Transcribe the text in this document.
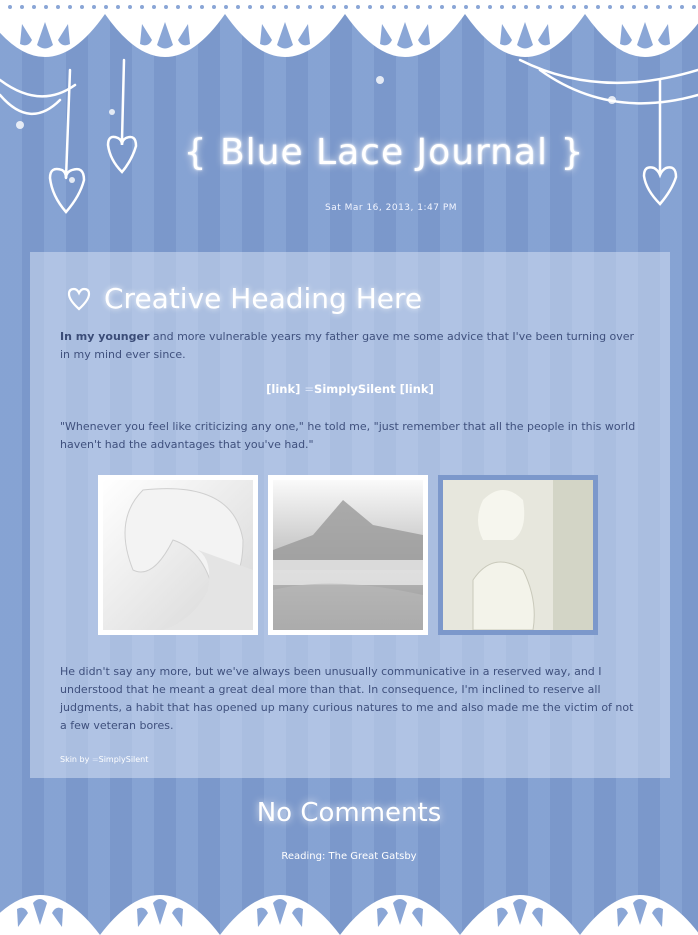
{ Blue Lace Journal }
Sat Mar 16, 2013, 1:47 PM
Creative Heading Here

In my younger and more vulnerable years my father gave me some advice that I've been turning over in my mind ever since.

[link] =SimplySilent [link]

"Whenever you feel like criticizing any one," he told me, "just remember that all the people in this world haven't had the advantages that you've had."

He didn't say any more, but we've always been unusually communicative in a reserved way, and I understood that he meant a great deal more than that. In consequence, I'm inclined to reserve all judgments, a habit that has opened up many curious natures to me and also made me the victim of not a few veteran bores.

Skin by =SimplySilent
No Comments
Reading: The Great Gatsby
